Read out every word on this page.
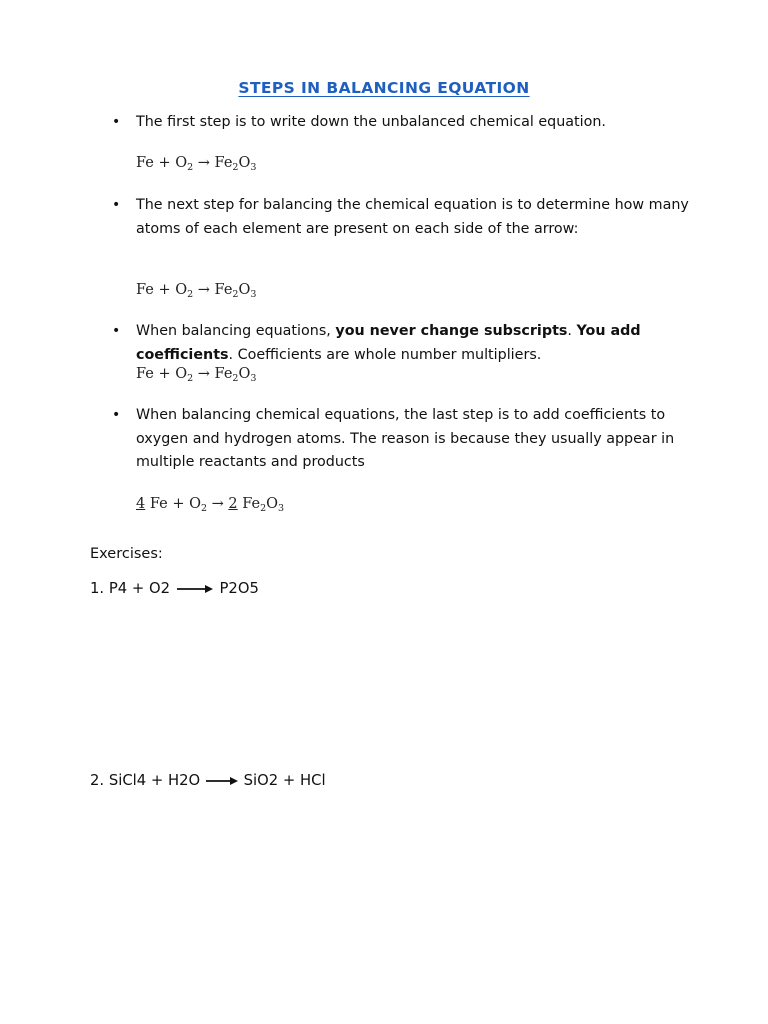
STEPS IN BALANCING EQUATION
• The first step is to write down the unbalanced chemical equation.
$Fe + O_2 \to Fe_2O_3$
• The next step for balancing the chemical equation is to determine how many atoms of each element are present on each side of the arrow:
$Fe + O_2 \to Fe_2O_3$
• When balancing equations, you never change subscripts. You add coefficients. Coefficients are whole number multipliers.
$Fe + O_2 \to Fe_2O_3$
• When balancing chemical equations, the last step is to add coefficients to oxygen and hydrogen atoms. The reason is because they usually appear in multiple reactants and products
4 $Fe + O_2 \to 2$ $Fe_2O_3$
Exercises:
1. P4 + O2 → P2O5
2. SiCl4 + H2O → SiO2 + HCl
